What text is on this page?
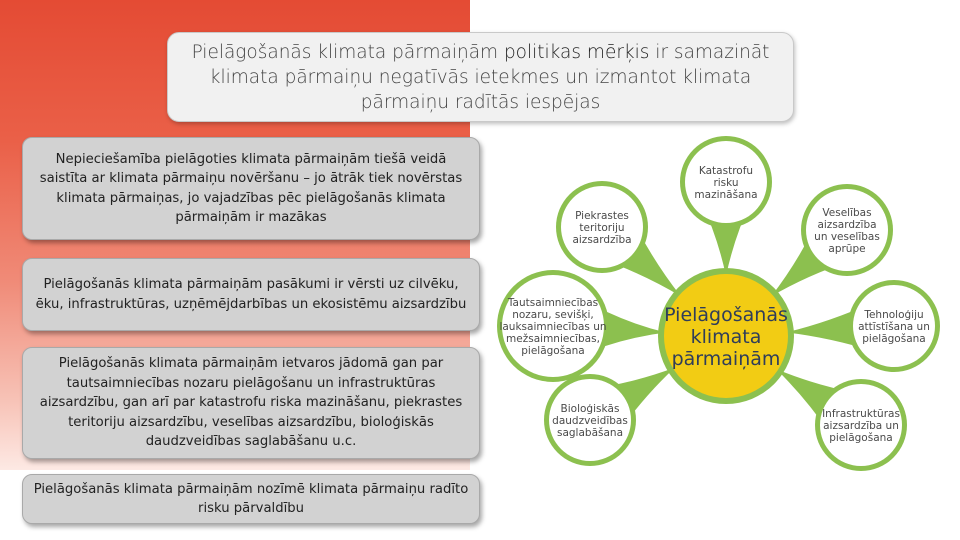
Pielāgošanās klimata pārmaiņām politikas mērķis ir samazināt klimata pārmaiņu negatīvās ietekmes un izmantot klimata pārmaiņu radītās iespējas
Nepieciešamība pielāgoties klimata pārmaiņām tiešā veidā saistīta ar klimata pārmaiņu novēršanu – jo ātrāk tiek novērstas klimata pārmaiņas, jo vajadzības pēc pielāgošanās klimata pārmaiņām ir mazākas
Pielāgošanās klimata pārmaiņām pasākumi ir vērsti uz cilvēku, ēku, infrastruktūras, uzņēmējdarbības un ekosistēmu aizsardzību
Pielāgošanās klimata pārmaiņām ietvaros jādomā gan par tautsaimniecības nozaru pielāgošanu un infrastruktūras aizsardzību, gan arī par katastrofu riska mazināšanu, piekrastes teritoriju aizsardzību, veselības aizsardzību, bioloģiskās daudzveidības saglabāšanu u.c.
Pielāgošanās klimata pārmaiņām nozīmē klimata pārmaiņu radīto risku pārvaldību
Katastrofu
risku
mazināšana
Veselības
aizsardzība
un veselības
aprūpe
Tehnoloģiju
attīstīšana un
pielāgošana
Infrastruktūras
aizsardzība un
pielāgošana
Bioloģiskās
daudzveidības
saglabāšana
Tautsaimniecības
nozaru, sevišķi,
lauksaimniecības un
mežsaimniecības,
pielāgošana
Piekrastes
teritoriju
aizsardzība
Pielāgošanās
klimata
pārmaiņām
